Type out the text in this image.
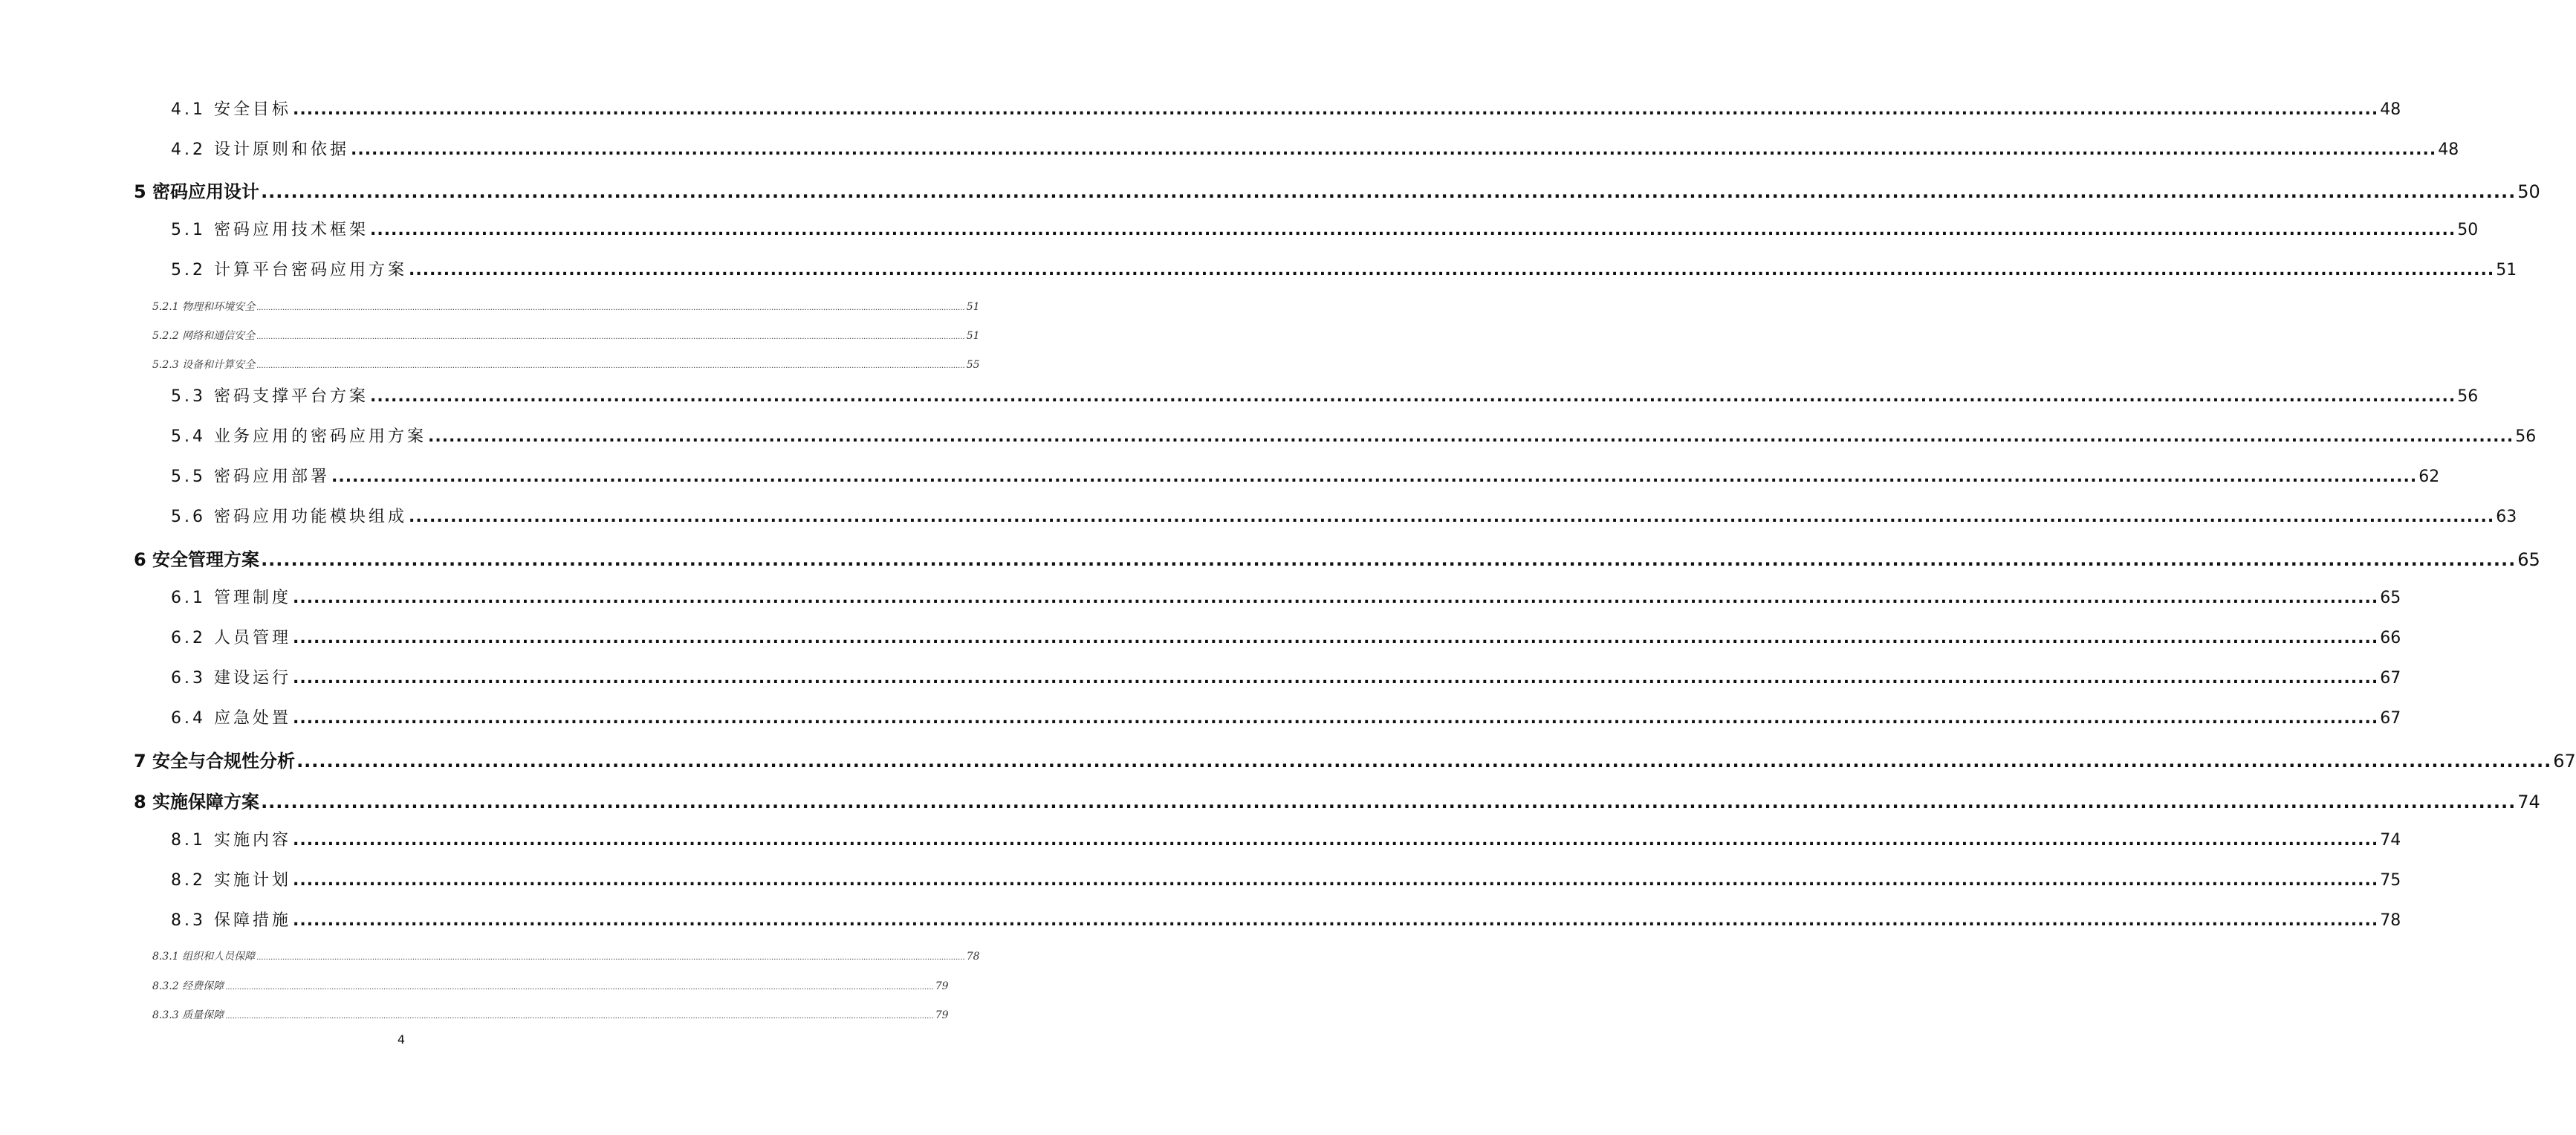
4.1 安全目标 ............................................................................................................................................................................................................................................................................................................ 48
4.2 设计原则和依据 ............................................................................................................................................................................................................................................................................................................ 48
5 密码应用设计 ............................................................................................................................................................................................................................................................................................................ 50
5.1 密码应用技术框架 ............................................................................................................................................................................................................................................................................................................ 50
5.2 计算平台密码应用方案 ............................................................................................................................................................................................................................................................................................................ 51
5.2.1 物理和环境安全 ............................................................................................................................................................................................................................................................................................................ 51
5.2.2 网络和通信安全 ............................................................................................................................................................................................................................................................................................................ 51
5.2.3 设备和计算安全 ............................................................................................................................................................................................................................................................................................................ 55
5.3 密码支撑平台方案 ............................................................................................................................................................................................................................................................................................................ 56
5.4 业务应用的密码应用方案 ............................................................................................................................................................................................................................................................................................................ 56
5.5 密码应用部署 ............................................................................................................................................................................................................................................................................................................ 62
5.6 密码应用功能模块组成 ............................................................................................................................................................................................................................................................................................................ 63
6 安全管理方案 ............................................................................................................................................................................................................................................................................................................ 65
6.1 管理制度 ............................................................................................................................................................................................................................................................................................................ 65
6.2 人员管理 ............................................................................................................................................................................................................................................................................................................ 66
6.3 建设运行 ............................................................................................................................................................................................................................................................................................................ 67
6.4 应急处置 ............................................................................................................................................................................................................................................................................................................ 67
7 安全与合规性分析 ............................................................................................................................................................................................................................................................................................................ 67
8 实施保障方案 ............................................................................................................................................................................................................................................................................................................ 74
8.1 实施内容 ............................................................................................................................................................................................................................................................................................................ 74
8.2 实施计划 ............................................................................................................................................................................................................................................................................................................ 75
8.3 保障措施 ............................................................................................................................................................................................................................................................................................................ 78
8.3.1 组织和人员保障 ............................................................................................................................................................................................................................................................................................................ 78
8.3.2 经费保障 ............................................................................................................................................................................................................................................................................................................ 79
8.3.3 质量保障 ............................................................................................................................................................................................................................................................................................................ 79
4
